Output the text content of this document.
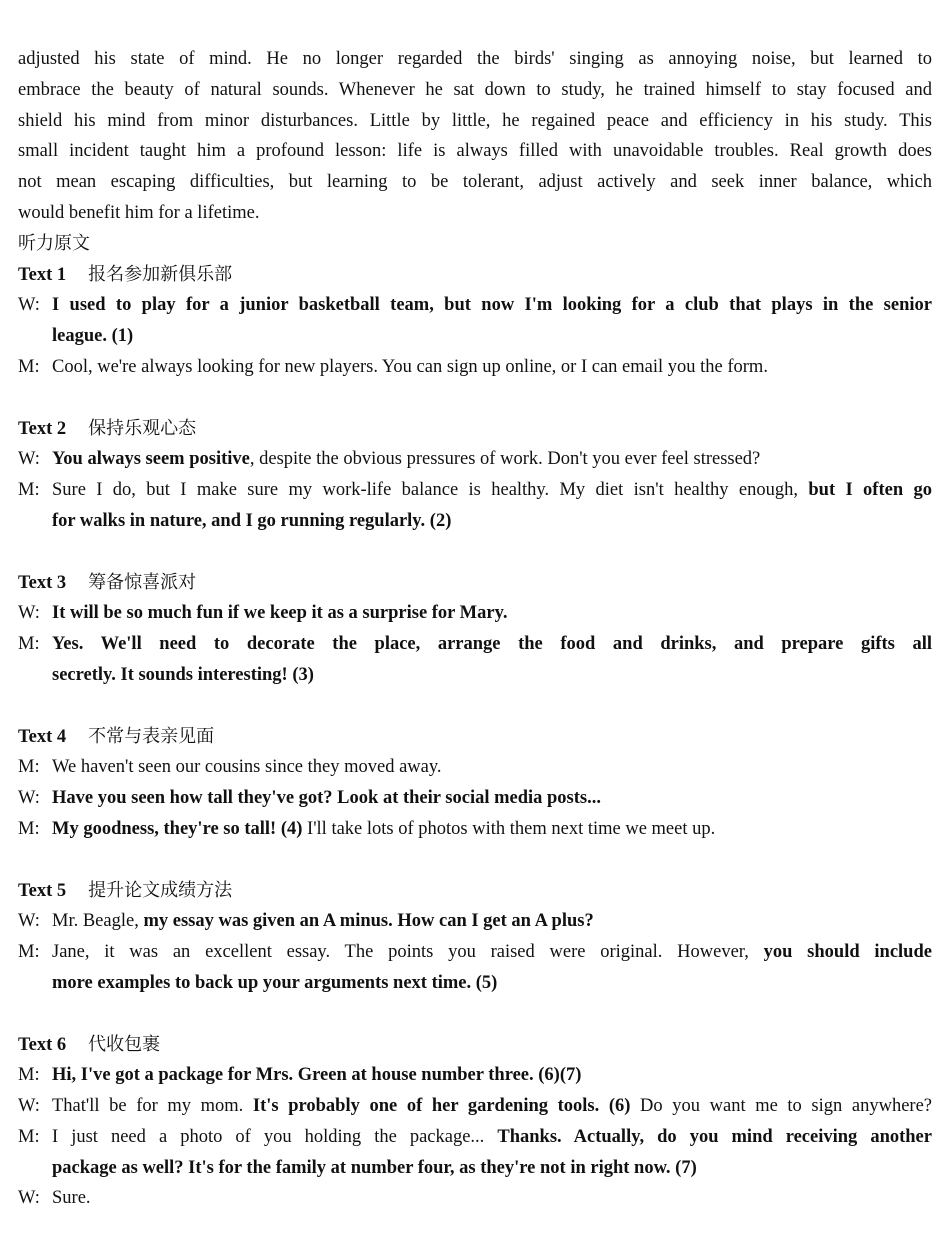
adjusted his state of mind. He no longer regarded the birds' singing as annoying noise, but learned to
embrace the beauty of natural sounds. Whenever he sat down to study, he trained himself to stay focused and
shield his mind from minor disturbances. Little by little, he regained peace and efficiency in his study. This
small incident taught him a profound lesson: life is always filled with unavoidable troubles. Real growth does
not mean escaping difficulties, but learning to be tolerant, adjust actively and seek inner balance, which
would benefit him for a lifetime.
听力原文
Text 1 报名参加新俱乐部
W: I used to play for a junior basketball team, but now I'm looking for a club that plays in the senior
league. (1)
M: Cool, we're always looking for new players. You can sign up online, or I can email you the form.
Text 2 保持乐观心态
W: You always seem positive, despite the obvious pressures of work. Don't you ever feel stressed?
M: Sure I do, but I make sure my work-life balance is healthy. My diet isn't healthy enough, but I often go
for walks in nature, and I go running regularly. (2)
Text 3 筹备惊喜派对
W: It will be so much fun if we keep it as a surprise for Mary.
M: Yes. We'll need to decorate the place, arrange the food and drinks, and prepare gifts all
secretly. It sounds interesting! (3)
Text 4 不常与表亲见面
M: We haven't seen our cousins since they moved away.
W: Have you seen how tall they've got? Look at their social media posts...
M: My goodness, they're so tall! (4) I'll take lots of photos with them next time we meet up.
Text 5 提升论文成绩方法
W: Mr. Beagle, my essay was given an A minus. How can I get an A plus?
M: Jane, it was an excellent essay. The points you raised were original. However, you should include
more examples to back up your arguments next time. (5)
Text 6 代收包裹
M: Hi, I've got a package for Mrs. Green at house number three. (6)(7)
W: That'll be for my mom. It's probably one of her gardening tools. (6) Do you want me to sign anywhere?
M: I just need a photo of you holding the package... Thanks. Actually, do you mind receiving another
package as well? It's for the family at number four, as they're not in right now. (7)
W: Sure.
